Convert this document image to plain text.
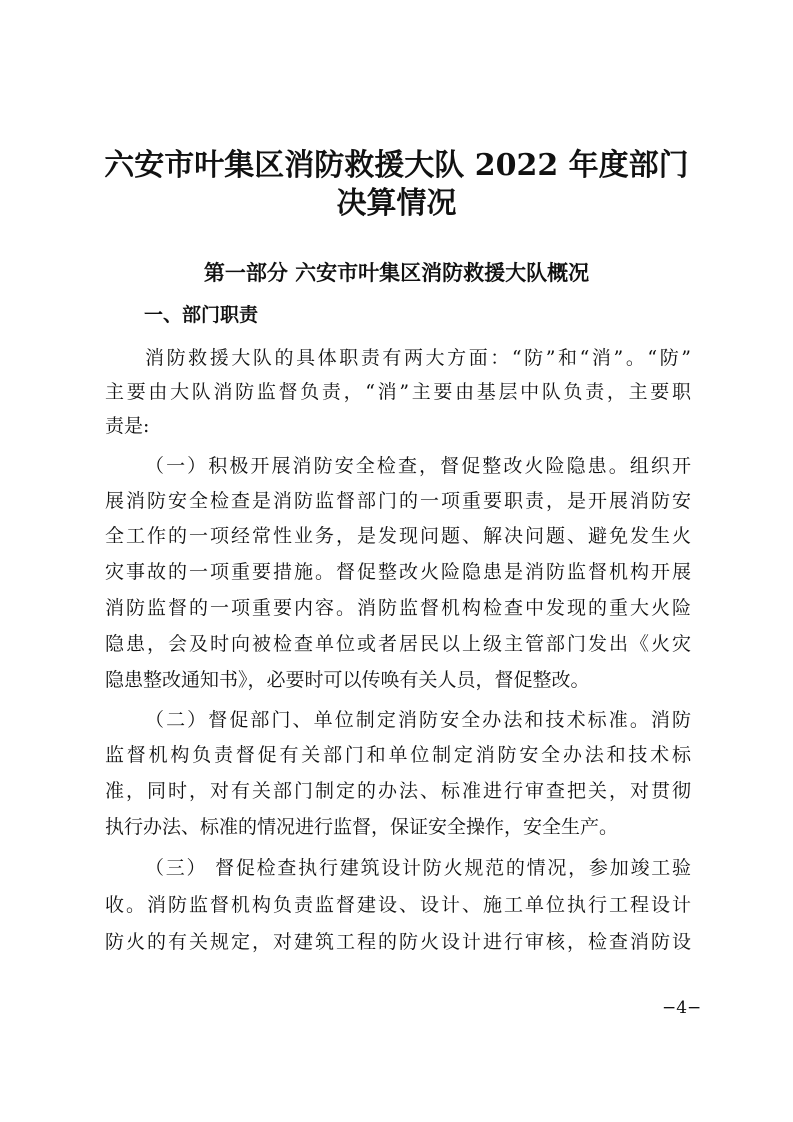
六安市叶集区消防救援大队 2022 年度部门
决算情况
第一部分 六安市叶集区消防救援大队概况
一、部门职责

消防救援大队的具体职责有两大方面：“防”和“消”。“防”

主要由大队消防监督负责，“消”主要由基层中队负责，主要职

责是:

（一）积极开展消防安全检查，督促整改火险隐患。组织开

展消防安全检查是消防监督部门的一项重要职责，是开展消防安

全工作的一项经常性业务，是发现问题、解决问题、避免发生火

灾事故的一项重要措施。督促整改火险隐患是消防监督机构开展

消防监督的一项重要内容。消防监督机构检查中发现的重大火险

隐患，会及时向被检查单位或者居民以上级主管部门发出《火灾

隐患整改通知书》，必要时可以传唤有关人员，督促整改。

（二）督促部门、单位制定消防安全办法和技术标准。消防

监督机构负责督促有关部门和单位制定消防安全办法和技术标

准，同时，对有关部门制定的办法、标准进行审查把关，对贯彻

执行办法、标准的情况进行监督，保证安全操作，安全生产。

（三） 督促检查执行建筑设计防火规范的情况，参加竣工验

收。消防监督机构负责监督建设、设计、施工单位执行工程设计

防火的有关规定，对建筑工程的防火设计进行审核，检查消防设

−4−
